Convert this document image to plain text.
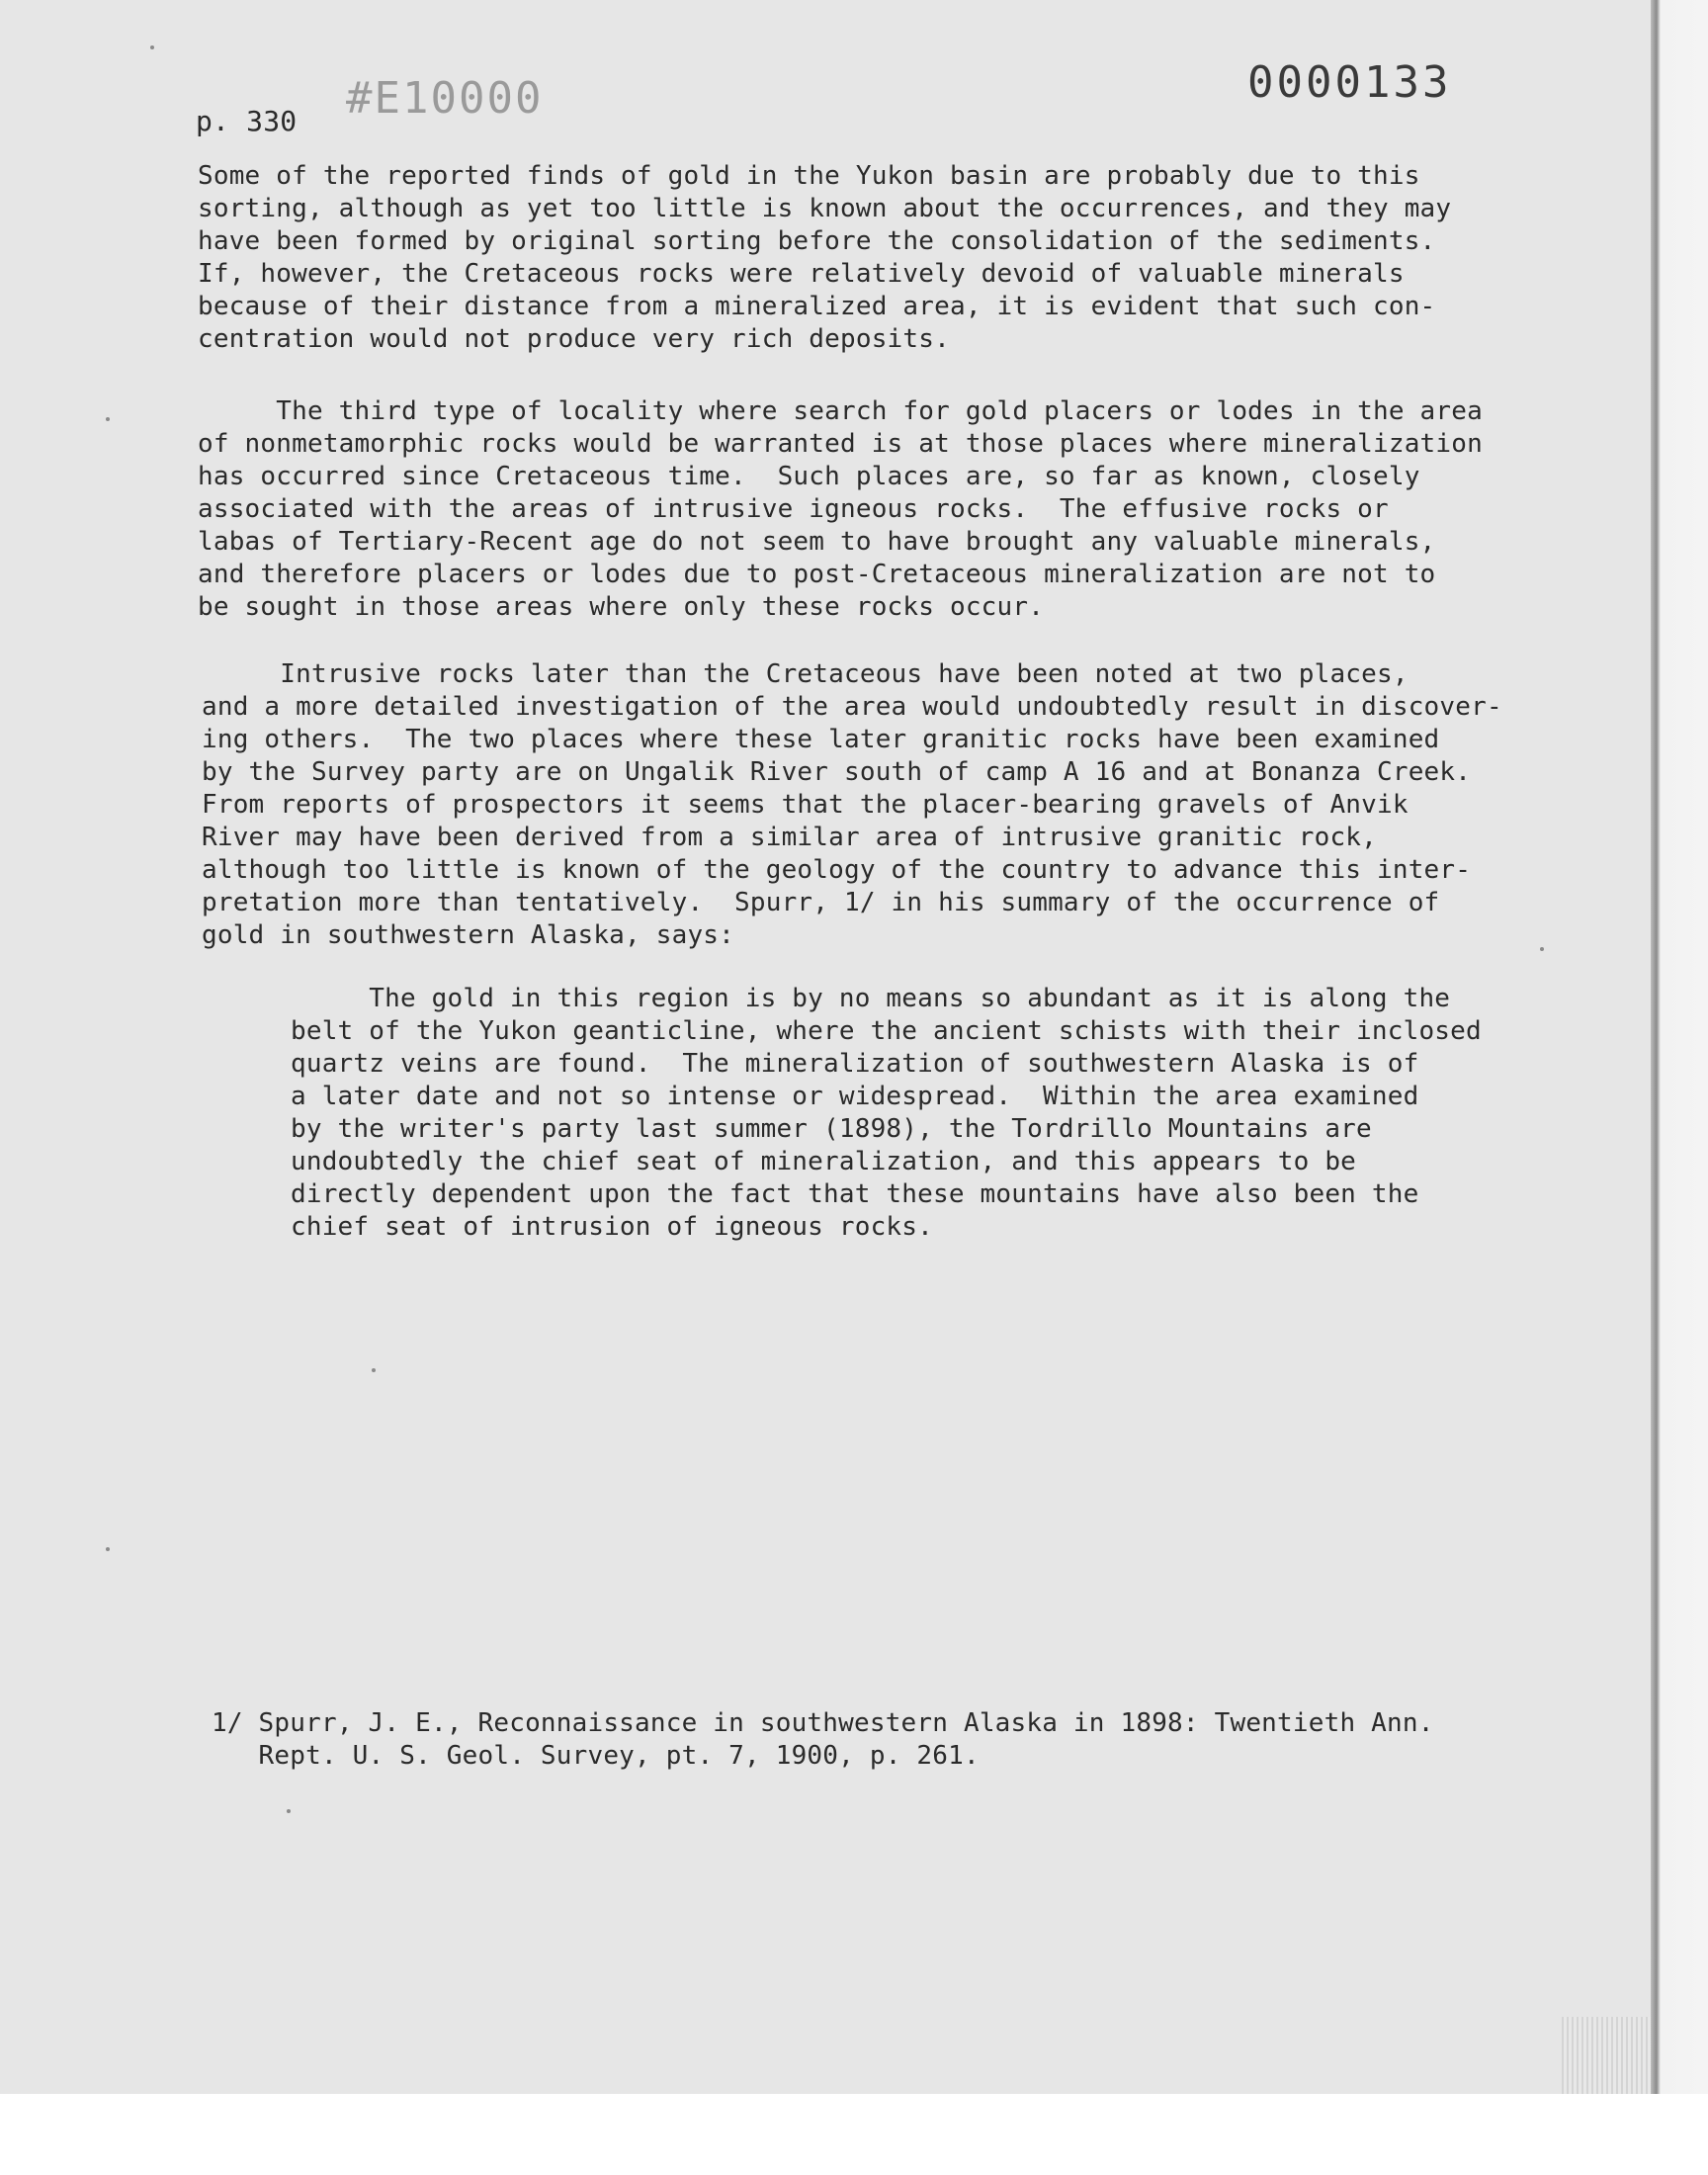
p. 330 #E10000	0000133
Some of the reported finds of gold in the Yukon basin are probably due to this
sorting, although as yet too little is known about the occurrences, and they may
have been formed by original sorting before the consolidation of the sediments.
If, however, the Cretaceous rocks were relatively devoid of valuable minerals
because of their distance from a mineralized area, it is evident that such con-
centration would not produce very rich deposits.
The third type of locality where search for gold placers or lodes in the area
of nonmetamorphic rocks would be warranted is at those places where mineralization
has occurred since Cretaceous time.  Such places are, so far as known, closely
associated with the areas of intrusive igneous rocks.  The effusive rocks or
labas of Tertiary-Recent age do not seem to have brought any valuable minerals,
and therefore placers or lodes due to post-Cretaceous mineralization are not to
be sought in those areas where only these rocks occur.
Intrusive rocks later than the Cretaceous have been noted at two places,
and a more detailed investigation of the area would undoubtedly result in discover-
ing others.  The two places where these later granitic rocks have been examined
by the Survey party are on Ungalik River south of camp A 16 and at Bonanza Creek.
From reports of prospectors it seems that the placer-bearing gravels of Anvik
River may have been derived from a similar area of intrusive granitic rock,
although too little is known of the geology of the country to advance this inter-
pretation more than tentatively.  Spurr, 1/ in his summary of the occurrence of
gold in southwestern Alaska, says:
The gold in this region is by no means so abundant as it is along the
belt of the Yukon geanticline, where the ancient schists with their inclosed
quartz veins are found.  The mineralization of southwestern Alaska is of
a later date and not so intense or widespread.  Within the area examined
by the writer's party last summer (1898), the Tordrillo Mountains are
undoubtedly the chief seat of mineralization, and this appears to be
directly dependent upon the fact that these mountains have also been the
chief seat of intrusion of igneous rocks.
1/ Spurr, J. E., Reconnaissance in southwestern Alaska in 1898: Twentieth Ann.
Rept. U. S. Geol. Survey, pt. 7, 1900, p. 261.
